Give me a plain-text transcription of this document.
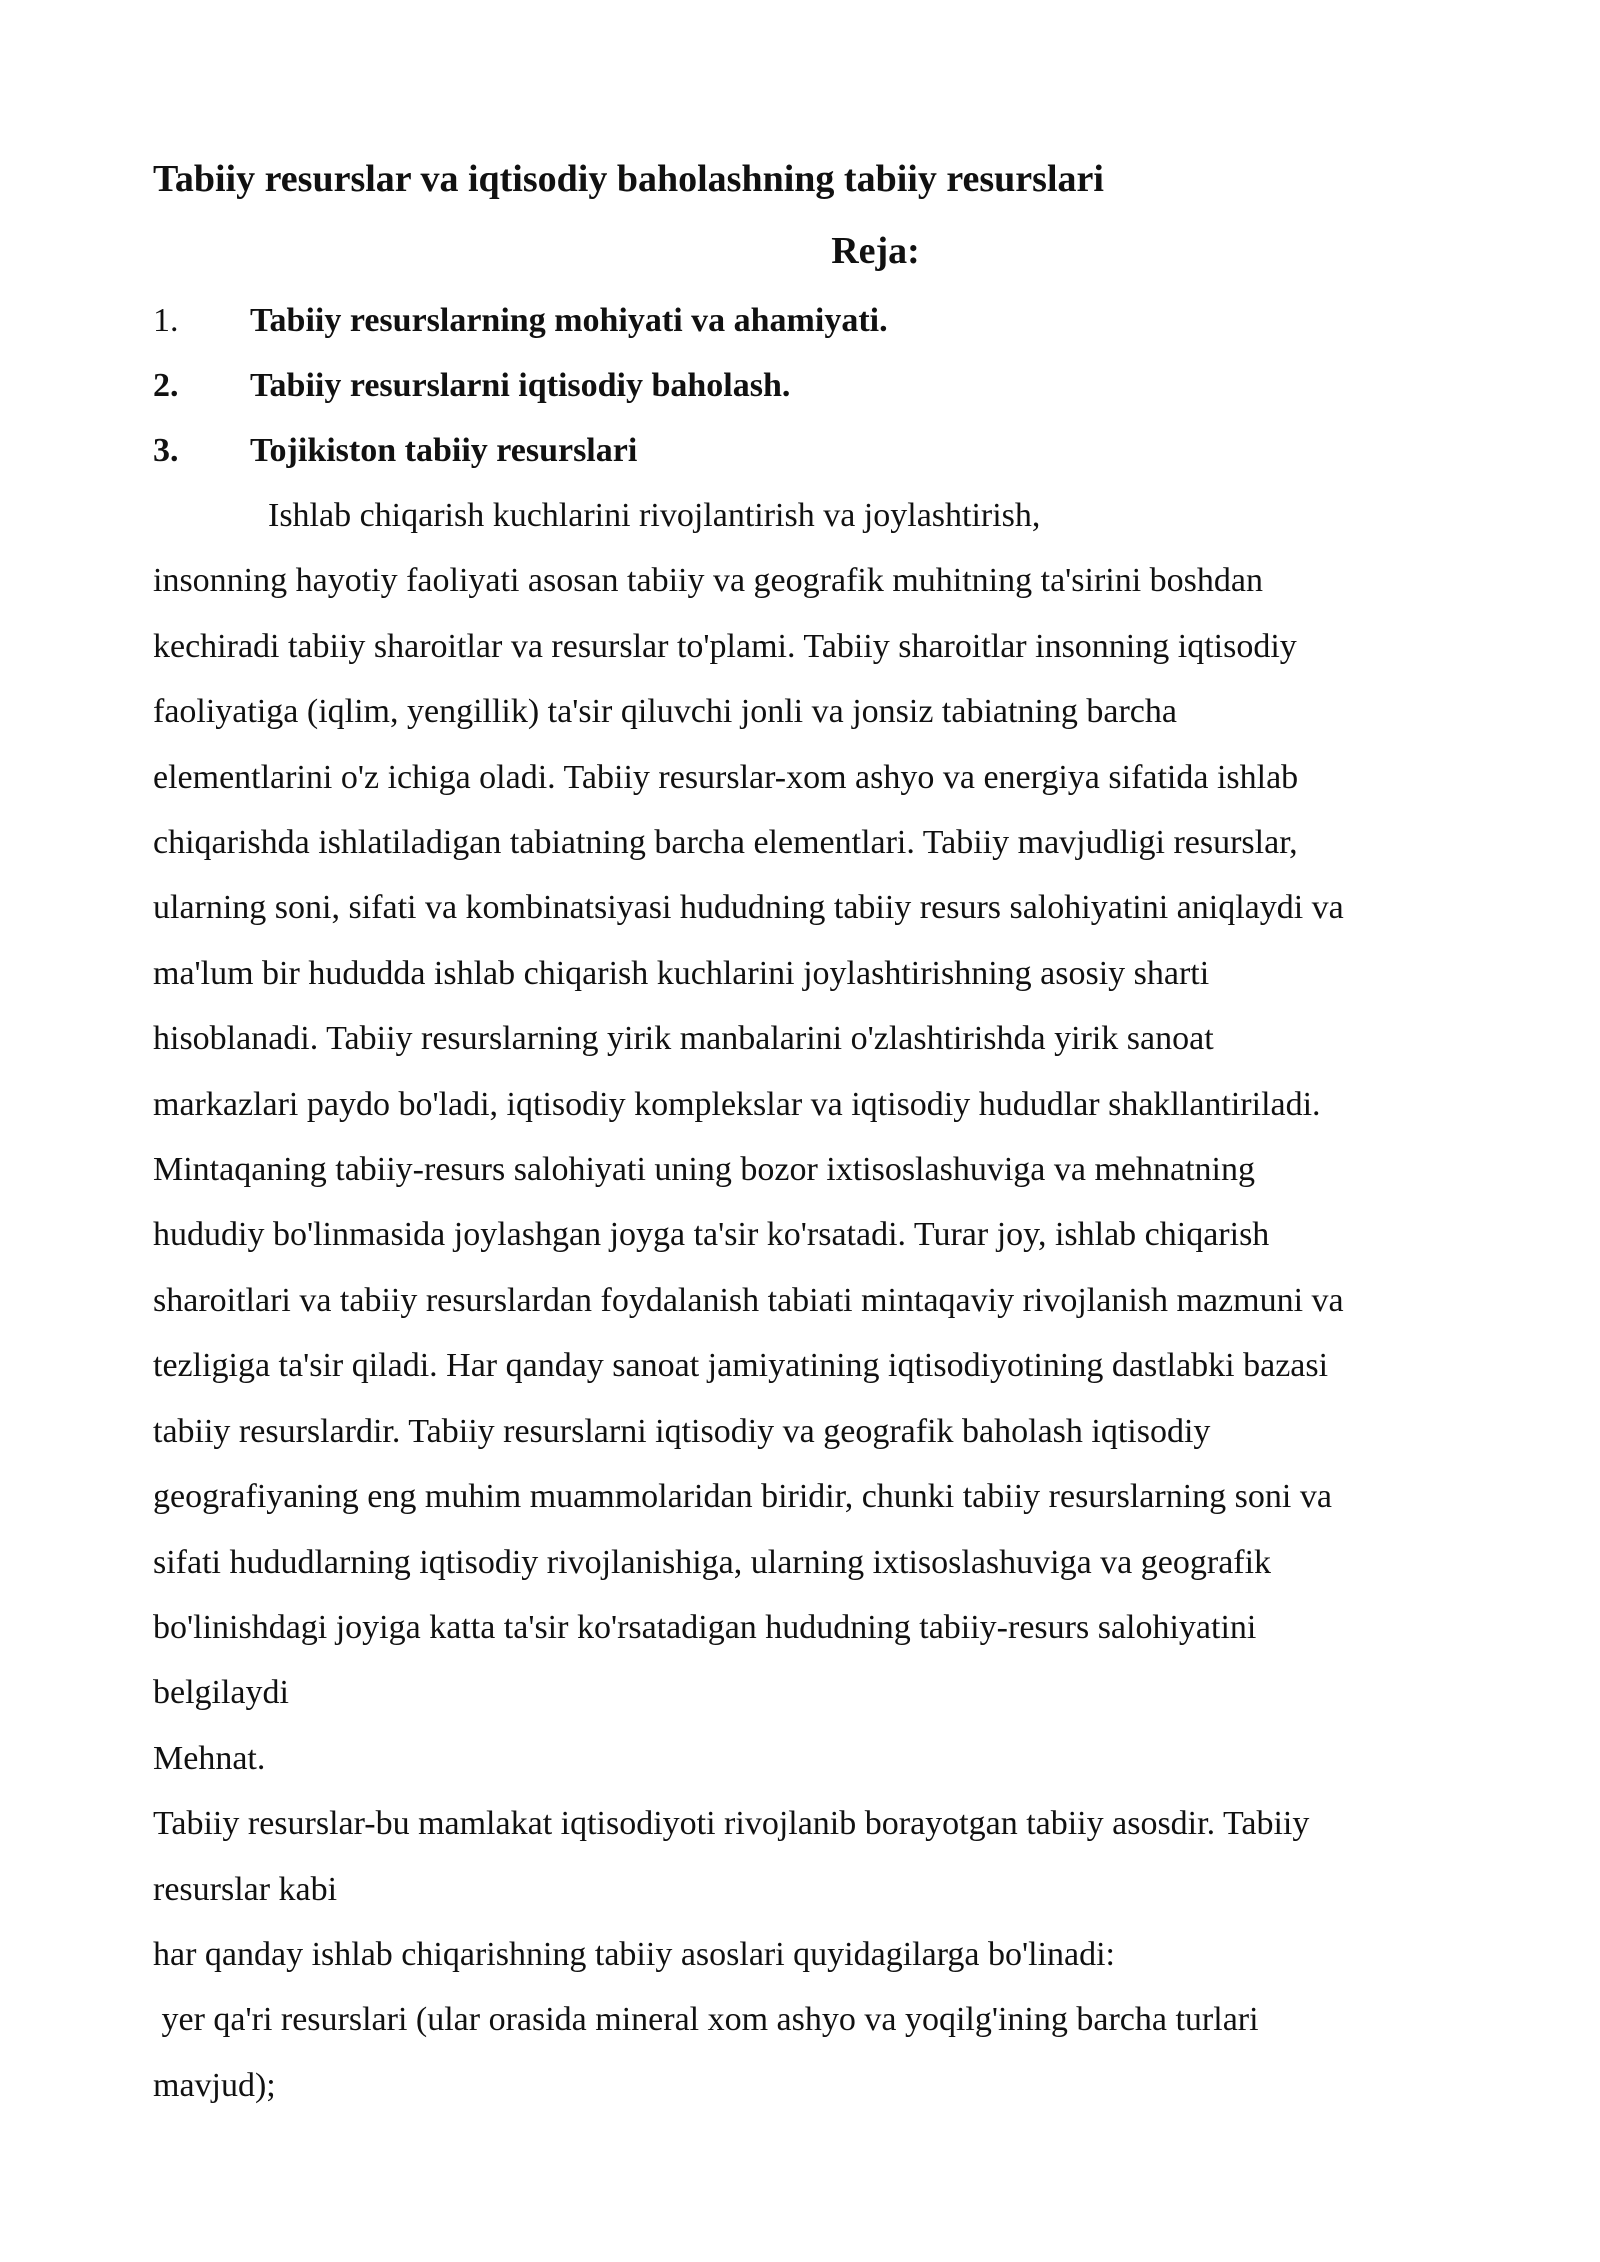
Tabiiy resurslar va iqtisodiy baholashning tabiiy resurslari
Reja:
1.	Tabiiy resurslarning mohiyati va ahamiyati.
2.	Tabiiy resurslarni iqtisodiy baholash.
3.	Tojikiston tabiiy resurslari
Ishlab chiqarish kuchlarini rivojlantirish va joylashtirish,
insonning hayotiy faoliyati asosan tabiiy va geografik muhitning ta'sirini boshdan
kechiradi tabiiy sharoitlar va resurslar to'plami. Tabiiy sharoitlar insonning iqtisodiy
faoliyatiga (iqlim, yengillik) ta'sir qiluvchi jonli va jonsiz tabiatning barcha
elementlarini o'z ichiga oladi. Tabiiy resurslar-xom ashyo va energiya sifatida ishlab
chiqarishda ishlatiladigan tabiatning barcha elementlari. Tabiiy mavjudligi resurslar,
ularning soni, sifati va kombinatsiyasi hududning tabiiy resurs salohiyatini aniqlaydi va
ma'lum bir hududda ishlab chiqarish kuchlarini joylashtirishning asosiy sharti
hisoblanadi. Tabiiy resurslarning yirik manbalarini o'zlashtirishda yirik sanoat
markazlari paydo bo'ladi, iqtisodiy komplekslar va iqtisodiy hududlar shakllantiriladi.
Mintaqaning tabiiy-resurs salohiyati uning bozor ixtisoslashuviga va mehnatning
hududiy bo'linmasida joylashgan joyga ta'sir ko'rsatadi. Turar joy, ishlab chiqarish
sharoitlari va tabiiy resurslardan foydalanish tabiati mintaqaviy rivojlanish mazmuni va
tezligiga ta'sir qiladi. Har qanday sanoat jamiyatining iqtisodiyotining dastlabki bazasi
tabiiy resurslardir. Tabiiy resurslarni iqtisodiy va geografik baholash iqtisodiy
geografiyaning eng muhim muammolaridan biridir, chunki tabiiy resurslarning soni va
sifati hududlarning iqtisodiy rivojlanishiga, ularning ixtisoslashuviga va geografik
bo'linishdagi joyiga katta ta'sir ko'rsatadigan hududning tabiiy-resurs salohiyatini
belgilaydi
Mehnat.
Tabiiy resurslar-bu mamlakat iqtisodiyoti rivojlanib borayotgan tabiiy asosdir. Tabiiy
resurslar kabi
har qanday ishlab chiqarishning tabiiy asoslari quyidagilarga bo'linadi:
yer qa'ri resurslari (ular orasida mineral xom ashyo va yoqilg'ining barcha turlari
mavjud);
